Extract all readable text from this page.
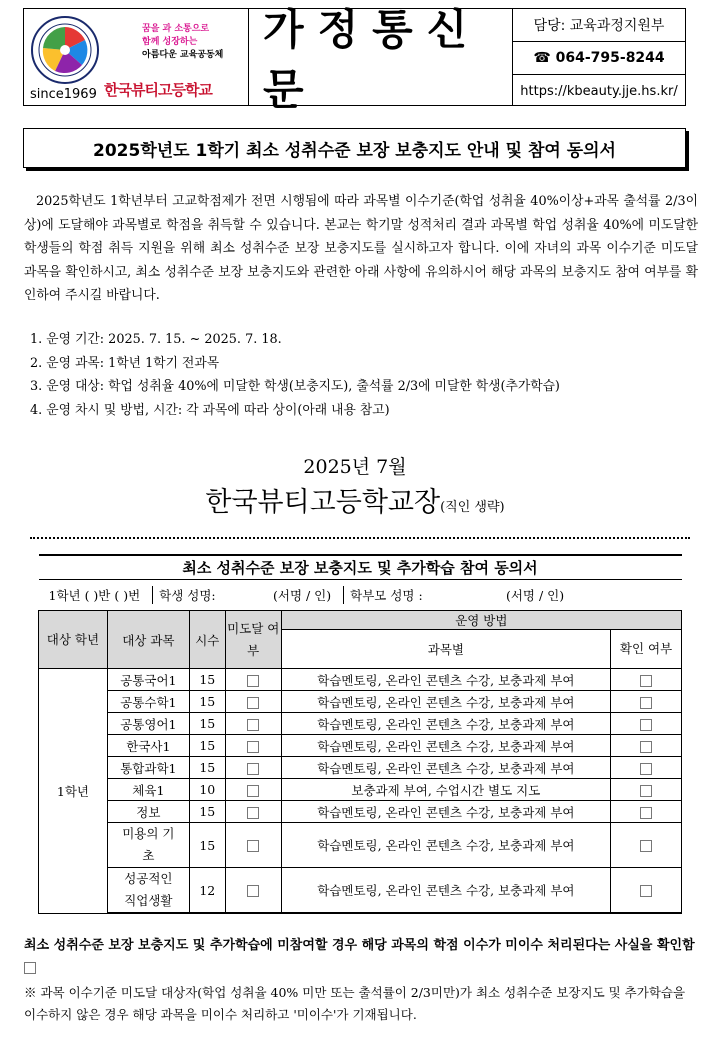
since1969
꿈을 과 소통으로
함께 성장하는
아름다운 교육공동체
한국뷰티고등학교
가정통신문
담당: 교육과정지원부
☎ 064-795-8244
https://kbeauty.jje.hs.kr/
2025학년도 1학기 최소 성취수준 보장 보충지도 안내 및 참여 동의서

2025학년도 1학년부터 고교학점제가 전면 시행됨에 따라 과목별 이수기준(학업 성취율 40%이상+과목 출석률 2/3이상)에 도달해야 과목별로 학점을 취득할 수 있습니다. 본교는 학기말 성적처리 결과 과목별 학업 성취율 40%에 미도달한 학생들의 학점 취득 지원을 위해 최소 성취수준 보장 보충지도를 실시하고자 합니다. 이에 자녀의 과목 이수기준 미도달 과목을 확인하시고, 최소 성취수준 보장 보충지도와 관련한 아래 사항에 유의하시어 해당 과목의 보충지도 참여 여부를 확인하여 주시길 바랍니다.

1. 운영 기간: 2025. 7. 15. ~ 2025. 7. 18.
2. 운영 과목: 1학년 1학기 전과목
3. 운영 대상: 학업 성취율 40%에 미달한 학생(보충지도), 출석률 2/3에 미달한 학생(추가학습)
4. 운영 차시 및 방법, 시간: 각 과목에 따라 상이(아래 내용 참고)
2025년 7월
한국뷰티고등학교장(직인 생략)
최소 성취수준 보장 보충지도 및 추가학습 참여 동의서					
1학년 ( )반 ( )번 학생 성명: (서명 / 인) 학부모 성명 : (서명 / 인)					

대상 학년	대상 과목	시수	미도달 여부	운영 방법	
				과목별	확인 여부
1학년	공통국어1	15		학습멘토링, 온라인 콘텐츠 수강, 보충과제 부여	
	공통수학1	15		학습멘토링, 온라인 콘텐츠 수강, 보충과제 부여	
	공통영어1	15		학습멘토링, 온라인 콘텐츠 수강, 보충과제 부여	
	한국사1	15		학습멘토링, 온라인 콘텐츠 수강, 보충과제 부여	
	통합과학1	15		학습멘토링, 온라인 콘텐츠 수강, 보충과제 부여	
	체육1	10		보충과제 부여, 수업시간 별도 지도	
	정보	15		학습멘토링, 온라인 콘텐츠 수강, 보충과제 부여	
	미용의 기초	15		학습멘토링, 온라인 콘텐츠 수강, 보충과제 부여	
	성공적인 직업생활	12		학습멘토링, 온라인 콘텐츠 수강, 보충과제 부여	
최소 성취수준 보장 보충지도 및 추가학습에 미참여할 경우 해당 과목의 학점 이수가 미이수 처리된다는 사실을 확인함
※ 과목 이수기준 미도달 대상자(학업 성취율 40% 미만 또는 출석률이 2/3미만)가 최소 성취수준 보장지도 및 추가학습을 이수하지 않은 경우 해당 과목을 미이수 처리하고 '미이수'가 기재됩니다.
